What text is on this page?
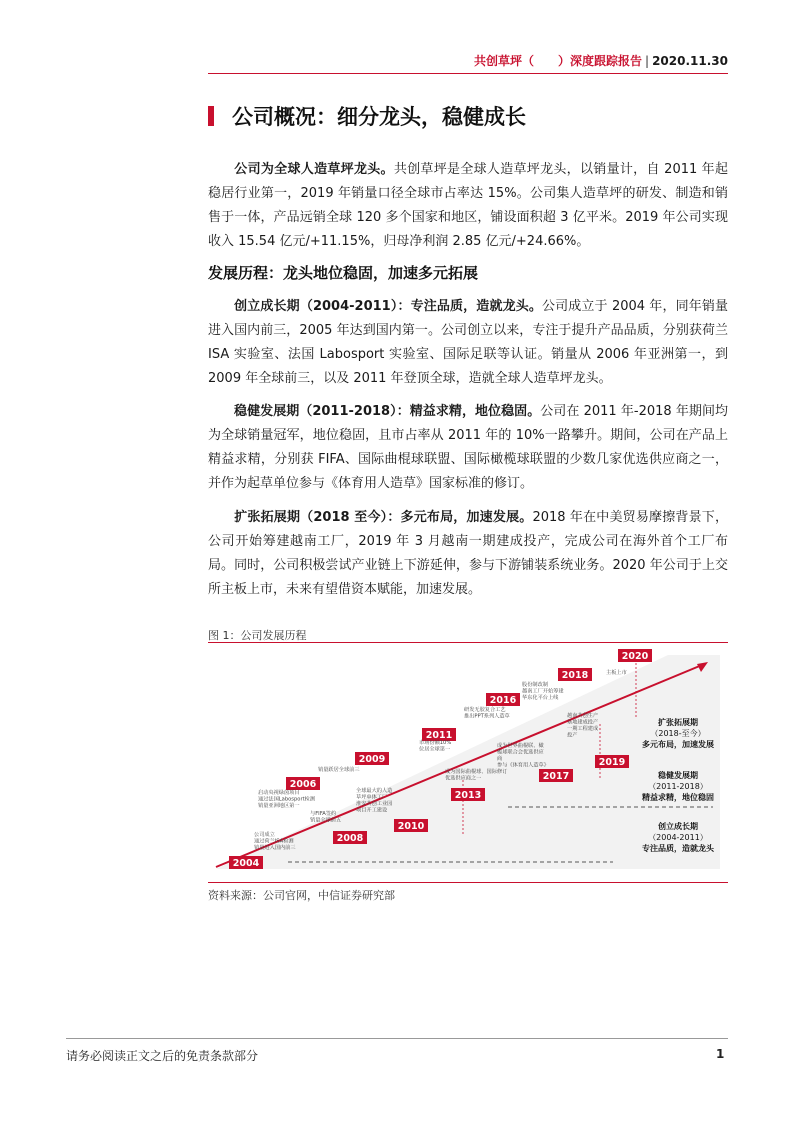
共创草坪（　　）深度跟踪报告 | 2020.11.30
公司概况：细分龙头，稳健成长
公司为全球人造草坪龙头。共创草坪是全球人造草坪龙头，以销量计，自 2011 年起稳居行业第一，2019 年销量口径全球市占率达 15%。公司集人造草坪的研发、制造和销售于一体，产品远销全球 120 多个国家和地区，铺设面积超 3 亿平米。2019 年公司实现收入 15.54 亿元/+11.15%，归母净利润 2.85 亿元/+24.66%。
发展历程：龙头地位稳固，加速多元拓展
创立成长期（2004-2011）：专注品质，造就龙头。公司成立于 2004 年，同年销量进入国内前三，2005 年达到国内第一。公司创立以来，专注于提升产品品质，分别获荷兰 ISA 实验室、法国 Labosport 实验室、国际足联等认证。销量从 2006 年亚洲第一，到 2009 年全球前三，以及 2011 年登顶全球，造就全球人造草坪龙头。
稳健发展期（2011-2018）：精益求精，地位稳固。公司在 2011 年-2018 年期间均为全球销量冠军，地位稳固，且市占率从 2011 年的 10%一路攀升。期间，公司在产品上精益求精，分别获 FIFA、国际曲棍球联盟、国际橄榄球联盟的少数几家优选供应商之一，并作为起草单位参与《体育用人造草》国家标准的修订。
扩张拓展期（2018 至今）：多元布局，加速发展。2018 年在中美贸易摩擦背景下，公司开始筹建越南工厂，2019 年 3 月越南一期建成投产，完成公司在海外首个工厂布局。同时，公司积极尝试产业链上下游延伸，参与下游铺装系统业务。2020 年公司于上交所主板上市，未来有望借资本赋能，加速发展。
图 1：公司发展历程
2004
2006
2008
2009
2010
2011
2013
2016
2017
2018
2019
2020
公司成立通过荷兰ISA检测销量进入国内前三
启动央视绿茵项目通过法国Labosport检测销量亚洲地区第一
与FIFA签约销量全球前五
销量跃居全球前三
全球最大的人造草坪单体工厂淮安共创工业园项目开工建设
市场份额10%位居全球第一
成为国际曲棍球、国际优选供应商之一
研发无胶复合工艺推出PPT系列人造草
成为世界曲棍联、橄榄球联合会优选供应商参与《体育用人造草》修订
股份制改制越南工厂开始筹建华东化平台上线
越南共创生产基地建成投产一期工程建成投产
主板上市
扩张拓展期
（2018-至今）
多元布局，加速发展
稳健发展期
（2011-2018）
精益求精，地位稳固
创立成长期
（2004-2011）
专注品质，造就龙头
资料来源：公司官网，中信证券研究部
请务必阅读正文之后的免责条款部分	1
